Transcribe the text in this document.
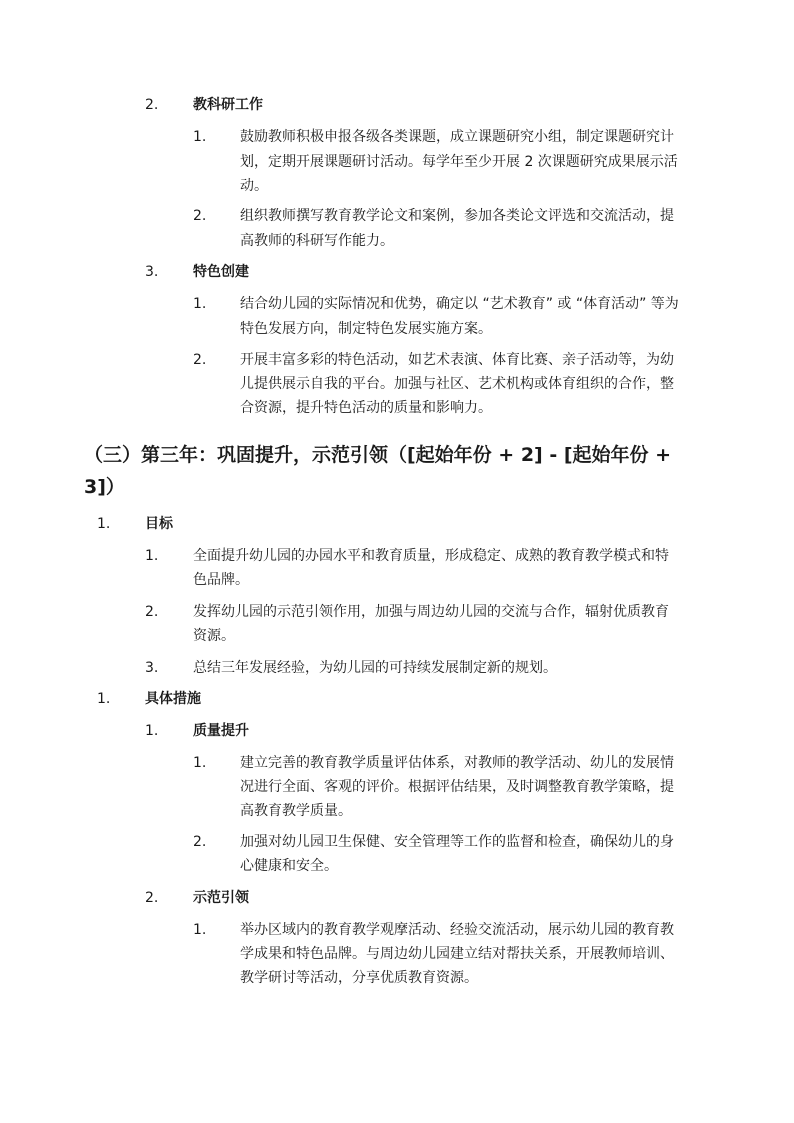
2. 教科研工作
1. 鼓励教师积极申报各级各类课题，成立课题研究小组，制定课题研究计
划，定期开展课题研讨活动。每学年至少开展 2 次课题研究成果展示活
动。
2. 组织教师撰写教育教学论文和案例，参加各类论文评选和交流活动，提
高教师的科研写作能力。
3. 特色创建
1. 结合幼儿园的实际情况和优势，确定以 “艺术教育” 或 “体育活动” 等为
特色发展方向，制定特色发展实施方案。
2. 开展丰富多彩的特色活动，如艺术表演、体育比赛、亲子活动等，为幼
儿提供展示自我的平台。加强与社区、艺术机构或体育组织的合作，整
合资源，提升特色活动的质量和影响力。
（三）第三年：巩固提升，示范引领（[起始年份 + 2] - [起始年份 +
3]）
1. 目标
1. 全面提升幼儿园的办园水平和教育质量，形成稳定、成熟的教育教学模式和特
色品牌。
2. 发挥幼儿园的示范引领作用，加强与周边幼儿园的交流与合作，辐射优质教育
资源。
3. 总结三年发展经验，为幼儿园的可持续发展制定新的规划。
1. 具体措施
1. 质量提升
1. 建立完善的教育教学质量评估体系，对教师的教学活动、幼儿的发展情
况进行全面、客观的评价。根据评估结果，及时调整教育教学策略，提
高教育教学质量。
2. 加强对幼儿园卫生保健、安全管理等工作的监督和检查，确保幼儿的身
心健康和安全。
2. 示范引领
1. 举办区域内的教育教学观摩活动、经验交流活动，展示幼儿园的教育教
学成果和特色品牌。与周边幼儿园建立结对帮扶关系，开展教师培训、
教学研讨等活动，分享优质教育资源。
